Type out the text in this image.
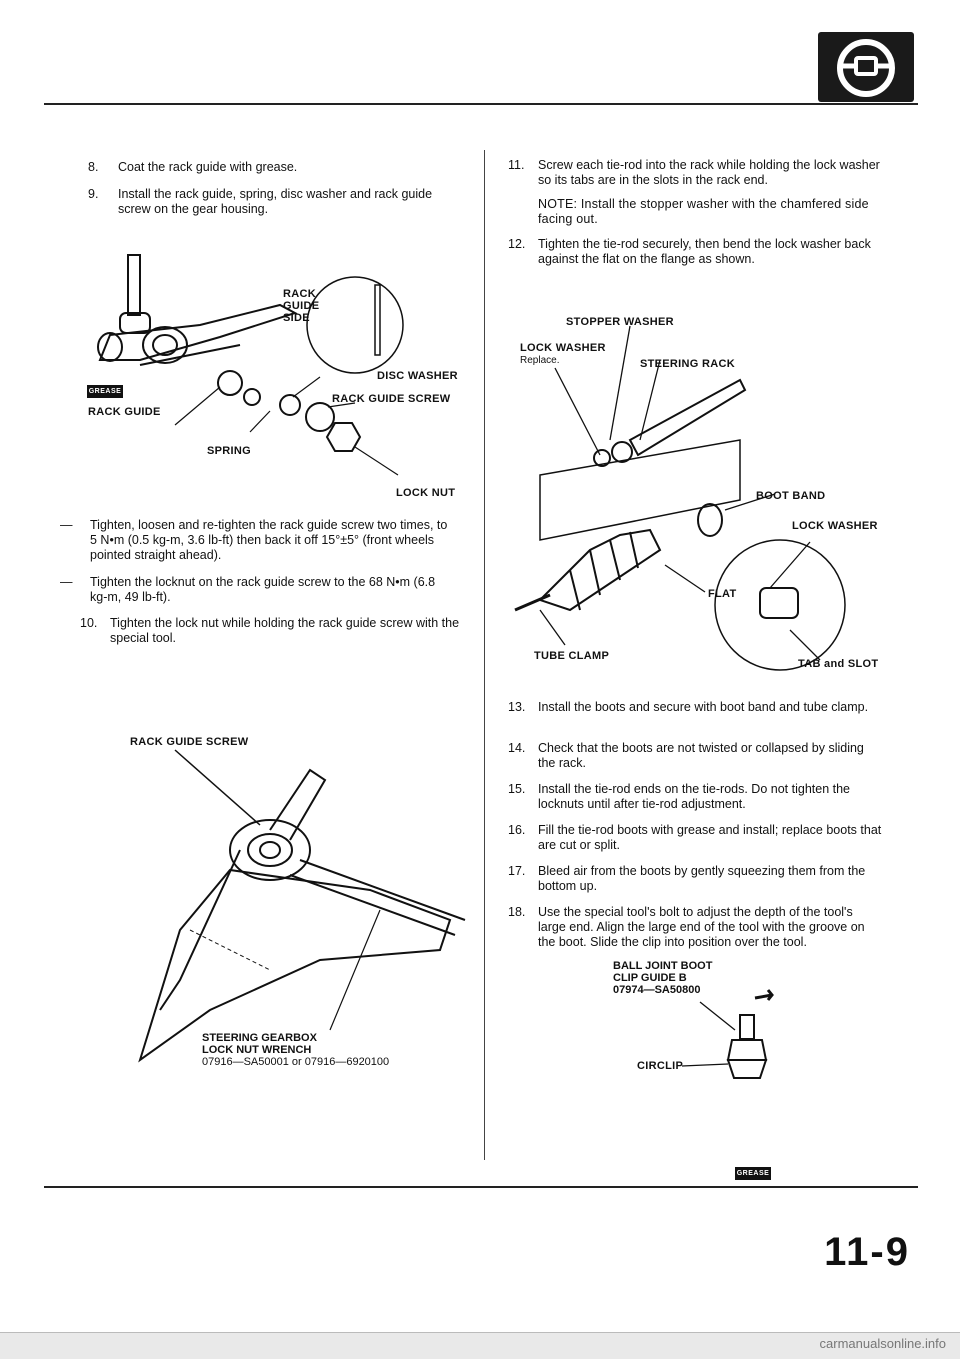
8.	Coat the rack guide with grease.
9.	Install the rack guide, spring, disc washer and rack guide screw on the gear housing.
GREASE
RACK
GUIDE
SIDE
DISC WASHER
RACK GUIDE SCREW
RACK GUIDE
SPRING
LOCK NUT
—	Tighten, loosen and re-tighten the rack guide screw two times, to 5 N•m (0.5 kg-m, 3.6 lb-ft) then back it off 15°±5° (front wheels pointed straight ahead).
—	Tighten the locknut on the rack guide screw to the 68 N•m (6.8 kg-m, 49 lb-ft).
10.	Tighten the lock nut while holding the rack guide screw with the special tool.
RACK GUIDE SCREW
STEERING GEARBOX
LOCK NUT WRENCH
07916—SA50001 or 07916—6920100
11.	Screw each tie-rod into the rack while holding the lock washer so its tabs are in the slots in the rack end.
NOTE: Install the stopper washer with the chamfered side facing out.
12.	Tighten the tie-rod securely, then bend the lock washer back against the flat on the flange as shown.
STOPPER WASHER
LOCK WASHER
Replace.	STEERING RACK
BOOT BAND
LOCK WASHER
FLAT
TUBE CLAMP
TAB and SLOT
13.	Install the boots and secure with boot band and tube clamp.
14.	Check that the boots are not twisted or collapsed by sliding the rack.
15.	Install the tie-rod ends on the tie-rods. Do not tighten the locknuts until after tie-rod adjustment.
16.	Fill the tie-rod boots with grease and install; replace boots that are cut or split.
17.	Bleed air from the boots by gently squeezing them from the bottom up.
18.	Use the special tool's bolt to adjust the depth of the tool's large end. Align the large end of the tool with the groove on the boot. Slide the clip into position over the tool.
BALL JOINT BOOT
CLIP GUIDE B
07974—SA50800
CIRCLIP
GREASE
11-9
carmanualsonline.info
